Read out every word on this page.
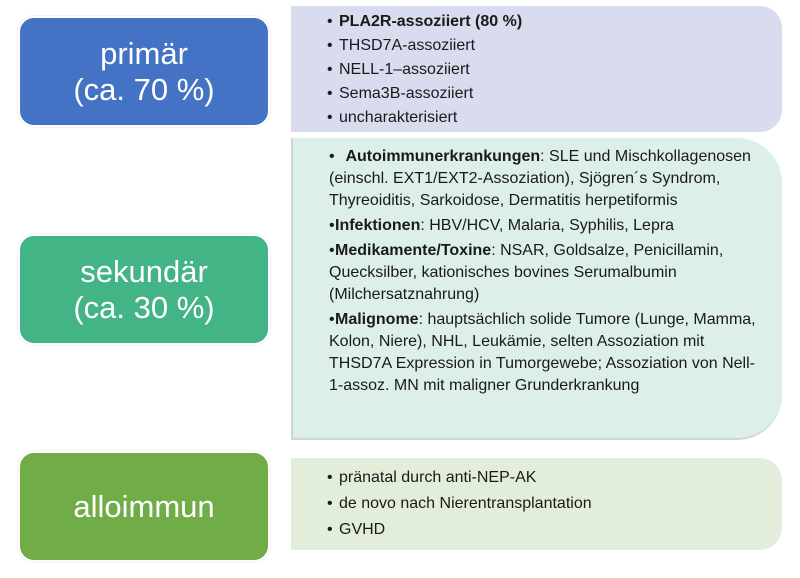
primär
(ca. 70 %)
• PLA2R-assoziiert (80 %)
• THSD7A-assoziiert
• NELL-1–assoziiert
• Sema3B-assoziiert
• uncharakterisiert
sekundär
(ca. 30 %)
• Autoimmunerkrankungen: SLE und Mischkollagenosen (einschl. EXT1/EXT2-Assoziation), Sjögren´s Syndrom, Thyreoiditis, Sarkoidose, Dermatitis herpetiformis
•Infektionen: HBV/HCV, Malaria, Syphilis, Lepra
•Medikamente/Toxine: NSAR, Goldsalze, Penicillamin, Quecksilber, kationisches bovines Serumalbumin (Milchersatznahrung)
•Malignome: hauptsächlich solide Tumore (Lunge, Mamma, Kolon, Niere), NHL, Leukämie, selten Assoziation mit THSD7A Expression in Tumorgewebe; Assoziation von Nell-1-assoz. MN mit maligner Grunderkrankung
alloimmun
• pränatal durch anti-NEP-AK
• de novo nach Nierentransplantation
• GVHD
